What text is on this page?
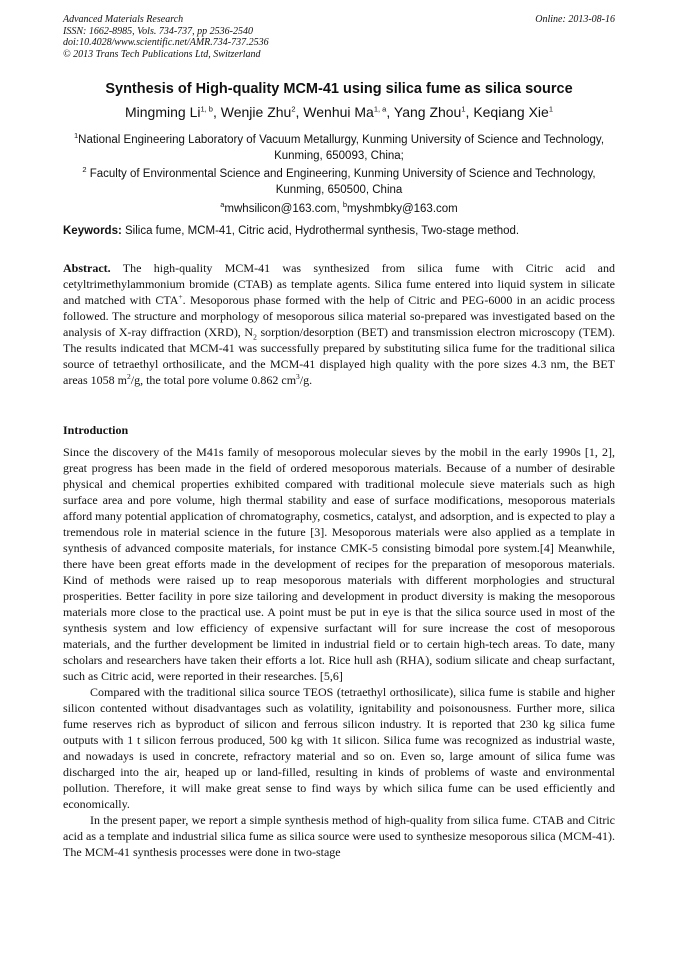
Advanced Materials Research
ISSN: 1662-8985, Vols. 734-737, pp 2536-2540
doi:10.4028/www.scientific.net/AMR.734-737.2536
© 2013 Trans Tech Publications Ltd, Switzerland
Online: 2013-08-16
Synthesis of High-quality MCM-41 using silica fume as silica source
Mingming Li$^{1, b}$, Wenjie Zhu$^2$, Wenhui Ma$^{1, a}$, Yang Zhou$^1$, Keqiang Xie$^1$
$^1$National Engineering Laboratory of Vacuum Metallurgy, Kunming University of Science and Technology, Kunming, 650093, China;
$^2$ Faculty of Environmental Science and Engineering, Kunming University of Science and Technology, Kunming, 650500, China
$^a$mwhsilicon@163.com, $^b$myshmbky@163.com
Keywords: Silica fume, MCM-41, Citric acid, Hydrothermal synthesis, Two-stage method.
Abstract. The high-quality MCM-41 was synthesized from silica fume with Citric acid and cetyltrimethylammonium bromide (CTAB) as template agents. Silica fume entered into liquid system in silicate and matched with CTA+. Mesoporous phase formed with the help of Citric and PEG-6000 in an acidic process followed. The structure and morphology of mesoporous silica material so-prepared was investigated based on the analysis of X-ray diffraction (XRD), $N_2$ sorption/desorption (BET) and transmission electron microscopy (TEM). The results indicated that MCM-41 was successfully prepared by substituting silica fume for the traditional silica source of tetraethyl orthosilicate, and the MCM-41 displayed high quality with the pore sizes 4.3 nm, the BET areas 1058 $m^2/g$, the total pore volume 0.862 $cm^3/g$.
Introduction

Since the discovery of the M41s family of mesoporous molecular sieves by the mobil in the early 1990s [1, 2], great progress has been made in the field of ordered mesoporous materials. Because of a number of desirable physical and chemical properties exhibited compared with traditional molecule sieve materials such as high surface area and pore volume, high thermal stability and ease of surface modifications, mesoporous materials afford many potential application of chromatography, cosmetics, catalyst, and adsorption, and is expected to play a tremendous role in material science in the future [3]. Mesoporous materials were also applied as a template in synthesis of advanced composite materials, for instance CMK-5 consisting bimodal pore system.[4] Meanwhile, there have been great efforts made in the development of recipes for the preparation of mesoporous materials. Kind of methods were raised up to reap mesoporous materials with different morphologies and structural prosperities. Better facility in pore size tailoring and development in product diversity is making the mesoporous materials more close to the practical use. A point must be put in eye is that the silica source used in most of the synthesis system and low efficiency of expensive surfactant will for sure increase the cost of mesoporous materials, and the further development be limited in industrial field or to certain high-tech areas. To date, many scholars and researchers have taken their efforts a lot. Rice hull ash (RHA), sodium silicate and cheap surfactant, such as Citric acid, were reported in their researches. [5,6]

Compared with the traditional silica source TEOS (tetraethyl orthosilicate), silica fume is stabile and higher silicon contented without disadvantages such as volatility, ignitability and poisonousness. Further more, silica fume reserves rich as byproduct of silicon and ferrous silicon industry. It is reported that 230 kg silica fume outputs with 1 t silicon ferrous produced, 500 kg with 1t silicon. Silica fume was recognized as industrial waste, and nowadays is used in concrete, refractory material and so on. Even so, large amount of silica fume was discharged into the air, heaped up or land-filled, resulting in kinds of problems of waste and environmental pollution. Therefore, it will make great sense to find ways by which silica fume can be used efficiently and economically.

In the present paper, we report a simple synthesis method of high-quality from silica fume. CTAB and Citric acid as a template and industrial silica fume as silica source were used to synthesize mesoporous silica (MCM-41). The MCM-41 synthesis processes were done in two-stage
